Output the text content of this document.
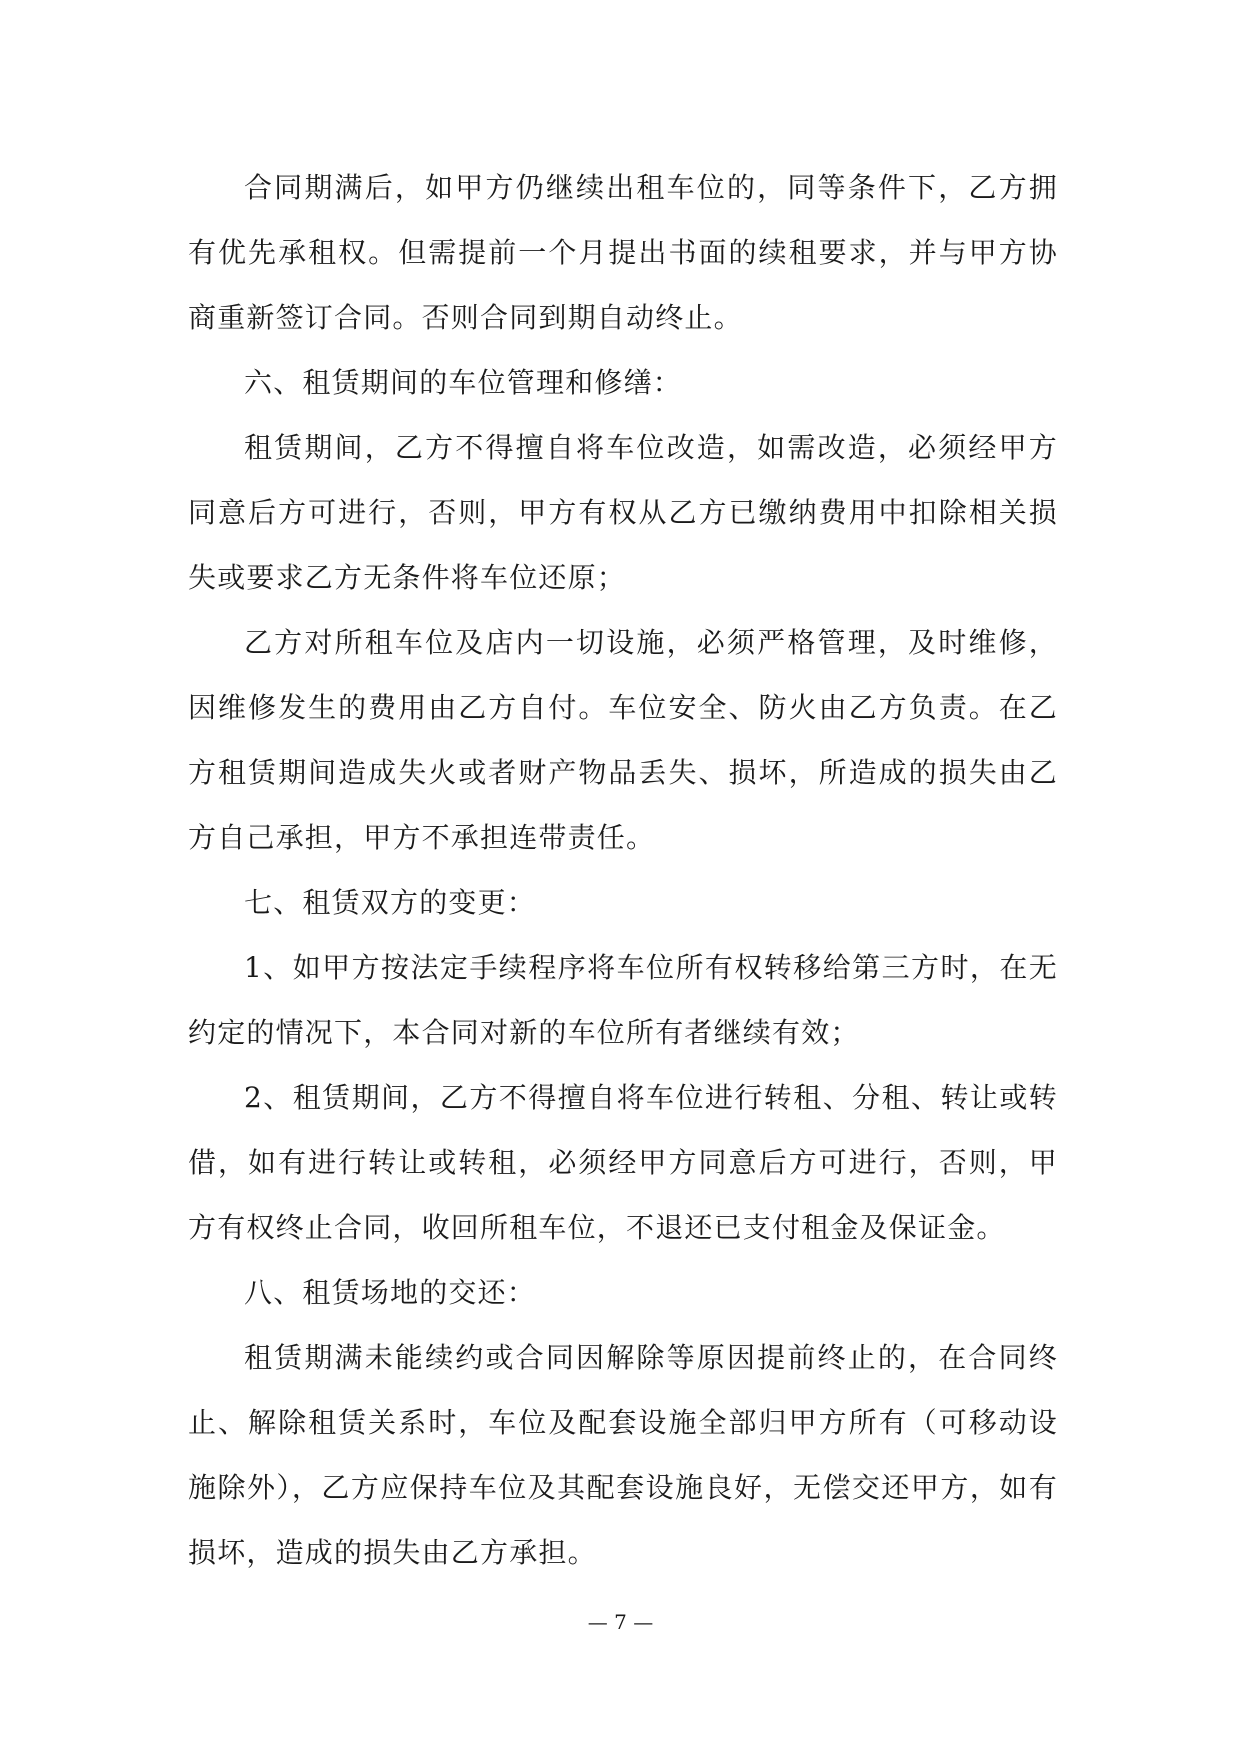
合同期满后，如甲方仍继续出租车位的，同等条件下，乙方拥有优先承租权。但需提前一个月提出书面的续租要求，并与甲方协商重新签订合同。否则合同到期自动终止。

六、租赁期间的车位管理和修缮：

租赁期间，乙方不得擅自将车位改造，如需改造，必须经甲方同意后方可进行，否则，甲方有权从乙方已缴纳费用中扣除相关损失或要求乙方无条件将车位还原；

乙方对所租车位及店内一切设施，必须严格管理，及时维修，因维修发生的费用由乙方自付。车位安全、防火由乙方负责。在乙方租赁期间造成失火或者财产物品丢失、损坏，所造成的损失由乙方自己承担，甲方不承担连带责任。

七、租赁双方的变更：

1、如甲方按法定手续程序将车位所有权转移给第三方时，在无约定的情况下，本合同对新的车位所有者继续有效；

2、租赁期间，乙方不得擅自将车位进行转租、分租、转让或转借，如有进行转让或转租，必须经甲方同意后方可进行，否则，甲方有权终止合同，收回所租车位，不退还已支付租金及保证金。

八、租赁场地的交还：

租赁期满未能续约或合同因解除等原因提前终止的，在合同终止、解除租赁关系时，车位及配套设施全部归甲方所有（可移动设施除外），乙方应保持车位及其配套设施良好，无偿交还甲方，如有损坏，造成的损失由乙方承担。

— 7 —
